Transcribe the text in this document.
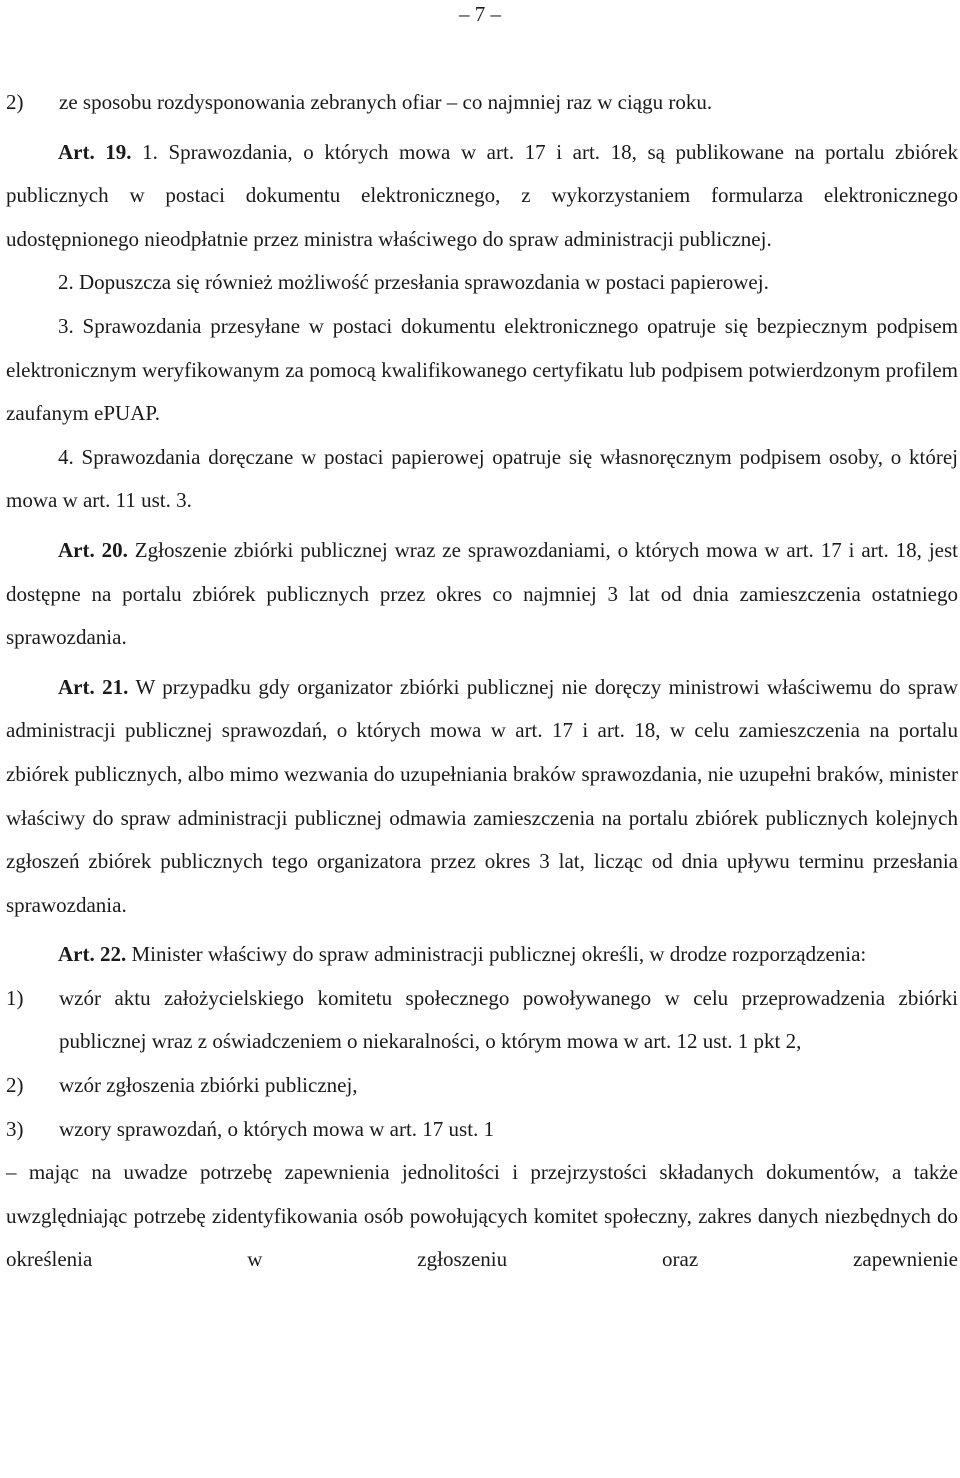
– 7 –
2)	ze sposobu rozdysponowania zebranych ofiar – co najmniej raz w ciągu roku.

Art. 19. 1. Sprawozdania, o których mowa w art. 17 i art. 18, są publikowane na portalu zbiórek publicznych w postaci dokumentu elektronicznego, z wykorzystaniem formularza elektronicznego udostępnionego nieodpłatnie przez ministra właściwego do spraw administracji publicznej.

2. Dopuszcza się również możliwość przesłania sprawozdania w postaci papierowej.

3. Sprawozdania przesyłane w postaci dokumentu elektronicznego opatruje się bezpiecznym podpisem elektronicznym weryfikowanym za pomocą kwalifikowanego certyfikatu lub podpisem potwierdzonym profilem zaufanym ePUAP.

4. Sprawozdania doręczane w postaci papierowej opatruje się własnoręcznym podpisem osoby, o której mowa w art. 11 ust. 3.

Art. 20. Zgłoszenie zbiórki publicznej wraz ze sprawozdaniami, o których mowa w art. 17 i art. 18, jest dostępne na portalu zbiórek publicznych przez okres co najmniej 3 lat od dnia zamieszczenia ostatniego sprawozdania.

Art. 21. W przypadku gdy organizator zbiórki publicznej nie doręczy ministrowi właściwemu do spraw administracji publicznej sprawozdań, o których mowa w art. 17 i art. 18, w celu zamieszczenia na portalu zbiórek publicznych, albo mimo wezwania do uzupełniania braków sprawozdania, nie uzupełni braków, minister właściwy do spraw administracji publicznej odmawia zamieszczenia na portalu zbiórek publicznych kolejnych zgłoszeń zbiórek publicznych tego organizatora przez okres 3 lat, licząc od dnia upływu terminu przesłania sprawozdania.

Art. 22. Minister właściwy do spraw administracji publicznej określi, w drodze rozporządzenia:

1)	wzór aktu założycielskiego komitetu społecznego powoływanego w celu przeprowadzenia zbiórki publicznej wraz z oświadczeniem o niekaralności, o którym mowa w art. 12 ust. 1 pkt 2,
2)	wzór zgłoszenia zbiórki publicznej,
3)	wzory sprawozdań, o których mowa w art. 17 ust. 1

– mając na uwadze potrzebę zapewnienia jednolitości i przejrzystości składanych dokumentów, a także uwzględniając potrzebę zidentyfikowania osób powołujących komitet społeczny, zakres danych niezbędnych do określenia w zgłoszeniu oraz zapewnienie
